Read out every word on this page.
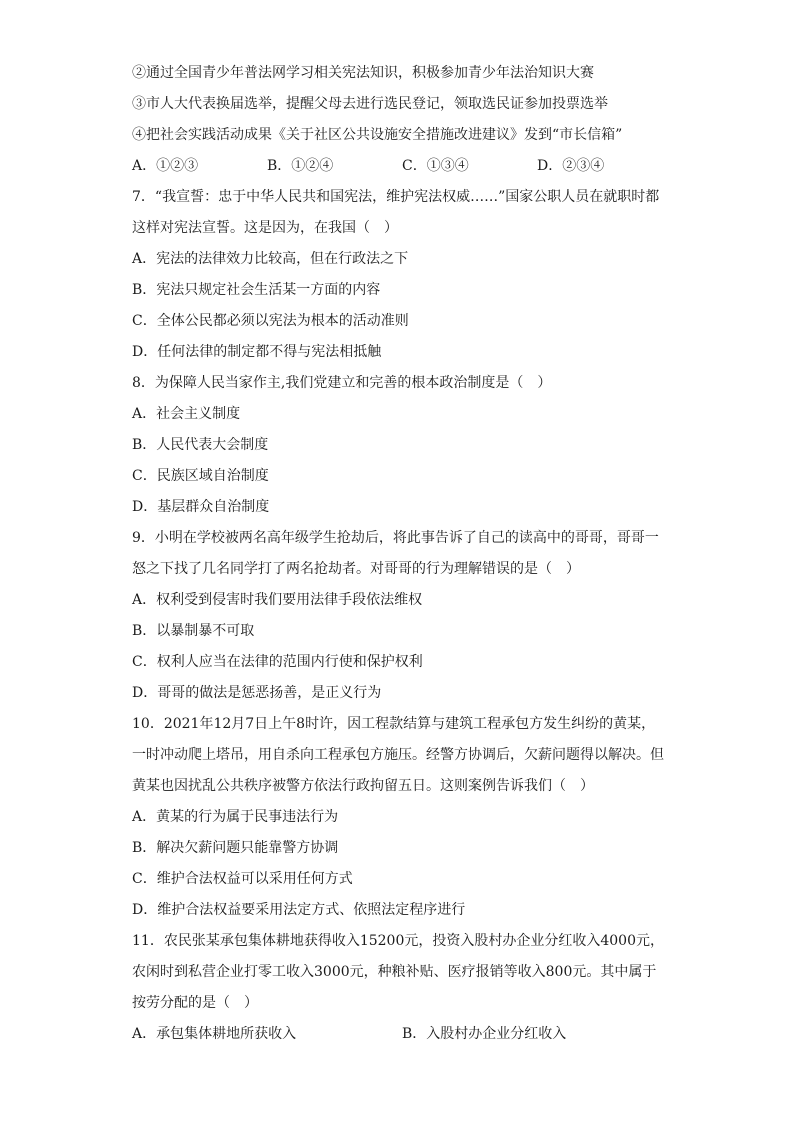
②通过全国青少年普法网学习相关宪法知识，积极参加青少年法治知识大赛
③市人大代表换届选举，提醒父母去进行选民登记，领取选民证参加投票选举
④把社会实践活动成果《关于社区公共设施安全措施改进建议》发到“市长信箱”
A．①②③	B．①②④	C．①③④	D．②③④
7．“我宣誓：忠于中华人民共和国宪法，维护宪法权威……”国家公职人员在就职时都
这样对宪法宣誓。这是因为，在我国（　）
A．宪法的法律效力比较高，但在行政法之下
B．宪法只规定社会生活某一方面的内容
C．全体公民都必须以宪法为根本的活动准则
D．任何法律的制定都不得与宪法相抵触
8．为保障人民当家作主,我们党建立和完善的根本政治制度是（　）
A．社会主义制度
B．人民代表大会制度
C．民族区域自治制度
D．基层群众自治制度
9．小明在学校被两名高年级学生抢劫后，将此事告诉了自己的读高中的哥哥，哥哥一
怒之下找了几名同学打了两名抢劫者。对哥哥的行为理解错误的是（　）
A．权利受到侵害时我们要用法律手段依法维权
B．以暴制暴不可取
C．权利人应当在法律的范围内行使和保护权利
D．哥哥的做法是惩恶扬善，是正义行为
10．2021年12月7日上午8时许，因工程款结算与建筑工程承包方发生纠纷的黄某，
一时冲动爬上塔吊，用自杀向工程承包方施压。经警方协调后，欠薪问题得以解决。但
黄某也因扰乱公共秩序被警方依法行政拘留五日。这则案例告诉我们（　）
A．黄某的行为属于民事违法行为
B．解决欠薪问题只能靠警方协调
C．维护合法权益可以采用任何方式
D．维护合法权益要采用法定方式、依照法定程序进行
11．农民张某承包集体耕地获得收入15200元，投资入股村办企业分红收入4000元，
农闲时到私营企业打零工收入3000元，种粮补贴、医疗报销等收入800元。其中属于
按劳分配的是（　）
A．承包集体耕地所获收入	B．入股村办企业分红收入
